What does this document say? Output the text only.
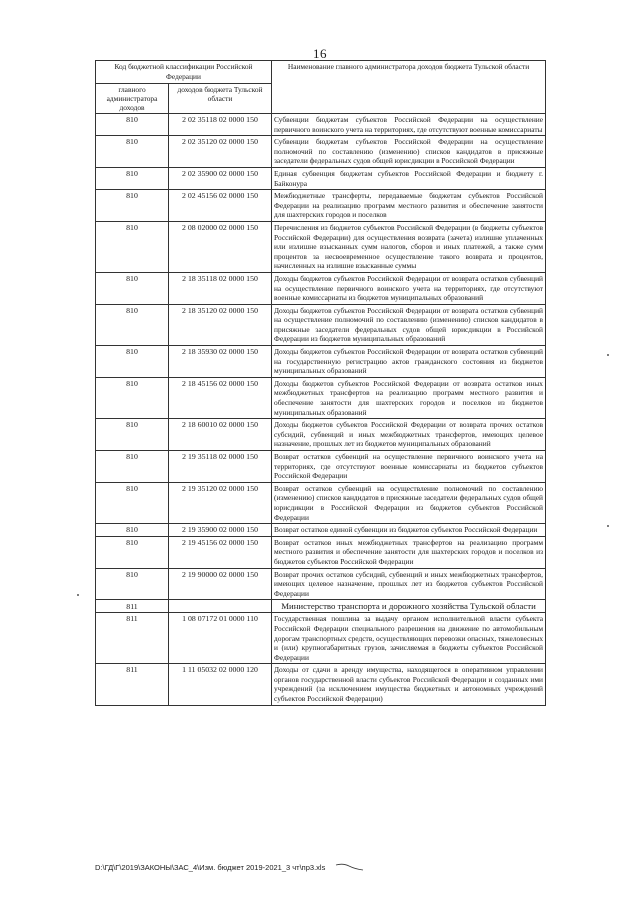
16
Код бюджетной классификации Российской Федерации		Наименование главного администратора доходов бюджета Тульской области
главного администратора доходов	доходов бюджета Тульской области	
810	2 02 35118 02 0000 150	Субвенции бюджетам субъектов Российской Федерации на осуществление первичного воинского учета на территориях, где отсутствуют военные комиссариаты
810	2 02 35120 02 0000 150	Субвенции бюджетам субъектов Российской Федерации на осуществление полномочий по составлению (изменению) списков кандидатов в присяжные заседатели федеральных судов общей юрисдикции в Российской Федерации
810	2 02 35900 02 0000 150	Единая субвенция бюджетам субъектов Российской Федерации и бюджету г. Байконура
810	2 02 45156 02 0000 150	Межбюджетные трансферты, передаваемые бюджетам субъектов Российской Федерации на реализацию программ местного развития и обеспечение занятости для шахтерских городов и поселков
810	2 08 02000 02 0000 150	Перечисления из бюджетов субъектов Российской Федерации (в бюджеты субъектов Российской Федерации) для осуществления возврата (зачета) излишне уплаченных или излишне взысканных сумм налогов, сборов и иных платежей, а также сумм процентов за несвоевременное осуществление такого возврата и процентов, начисленных на излишне взысканные суммы
810	2 18 35118 02 0000 150	Доходы бюджетов субъектов Российской Федерации от возврата остатков субвенций на осуществление первичного воинского учета на территориях, где отсутствуют военные комиссариаты из бюджетов муниципальных образований
810	2 18 35120 02 0000 150	Доходы бюджетов субъектов Российской Федерации от возврата остатков субвенций на осуществление полномочий по составлению (изменению) списков кандидатов в присяжные заседатели федеральных судов общей юрисдикции в Российской Федерации из бюджетов муниципальных образований
810	2 18 35930 02 0000 150	Доходы бюджетов субъектов Российской Федерации от возврата остатков субвенций на государственную регистрацию актов гражданского состояния из бюджетов муниципальных образований
810	2 18 45156 02 0000 150	Доходы бюджетов субъектов Российской Федерации от возврата остатков иных межбюджетных трансфертов на реализацию программ местного развития и обеспечение занятости для шахтерских городов и поселков из бюджетов муниципальных образований
810	2 18 60010 02 0000 150	Доходы бюджетов субъектов Российской Федерации от возврата прочих остатков субсидий, субвенций и иных межбюджетных трансфертов, имеющих целевое назначение, прошлых лет из бюджетов муниципальных образований
810	2 19 35118 02 0000 150	Возврат остатков субвенций на осуществление первичного воинского учета на территориях, где отсутствуют военные комиссариаты из бюджетов субъектов Российской Федерации
810	2 19 35120 02 0000 150	Возврат остатков субвенций на осуществление полномочий по составлению (изменению) списков кандидатов в присяжные заседатели федеральных судов общей юрисдикции в Российской Федерации из бюджетов субъектов Российской Федерации
810	2 19 35900 02 0000 150	Возврат остатков единой субвенции из бюджетов субъектов Российской Федерации
810	2 19 45156 02 0000 150	Возврат остатков иных межбюджетных трансфертов на реализацию программ местного развития и обеспечение занятости для шахтерских городов и поселков из бюджетов субъектов Российской Федерации
810	2 19 90000 02 0000 150	Возврат прочих остатков субсидий, субвенций и иных межбюджетных трансфертов, имеющих целевое назначение, прошлых лет из бюджетов субъектов Российской Федерации
811		Министерство транспорта и дорожного хозяйства Тульской области
811	1 08 07172 01 0000 110	Государственная пошлина за выдачу органом исполнительной власти субъекта Российской Федерации специального разрешения на движение по автомобильным дорогам транспортных средств, осуществляющих перевозки опасных, тяжеловесных и (или) крупногабаритных грузов, зачисляемая в бюджеты субъектов Российской Федерации
811	1 11 05032 02 0000 120	Доходы от сдачи в аренду имущества, находящегося в оперативном управлении органов государственной власти субъектов Российской Федерации и созданных ими учреждений (за исключением имущества бюджетных и автономных учреждений субъектов Российской Федерации)
D:\ГД\Г\2019\ЗАКОНЫ\ЗАС_4\Изм. бюджет 2019-2021_3 чт\пр3.xls
